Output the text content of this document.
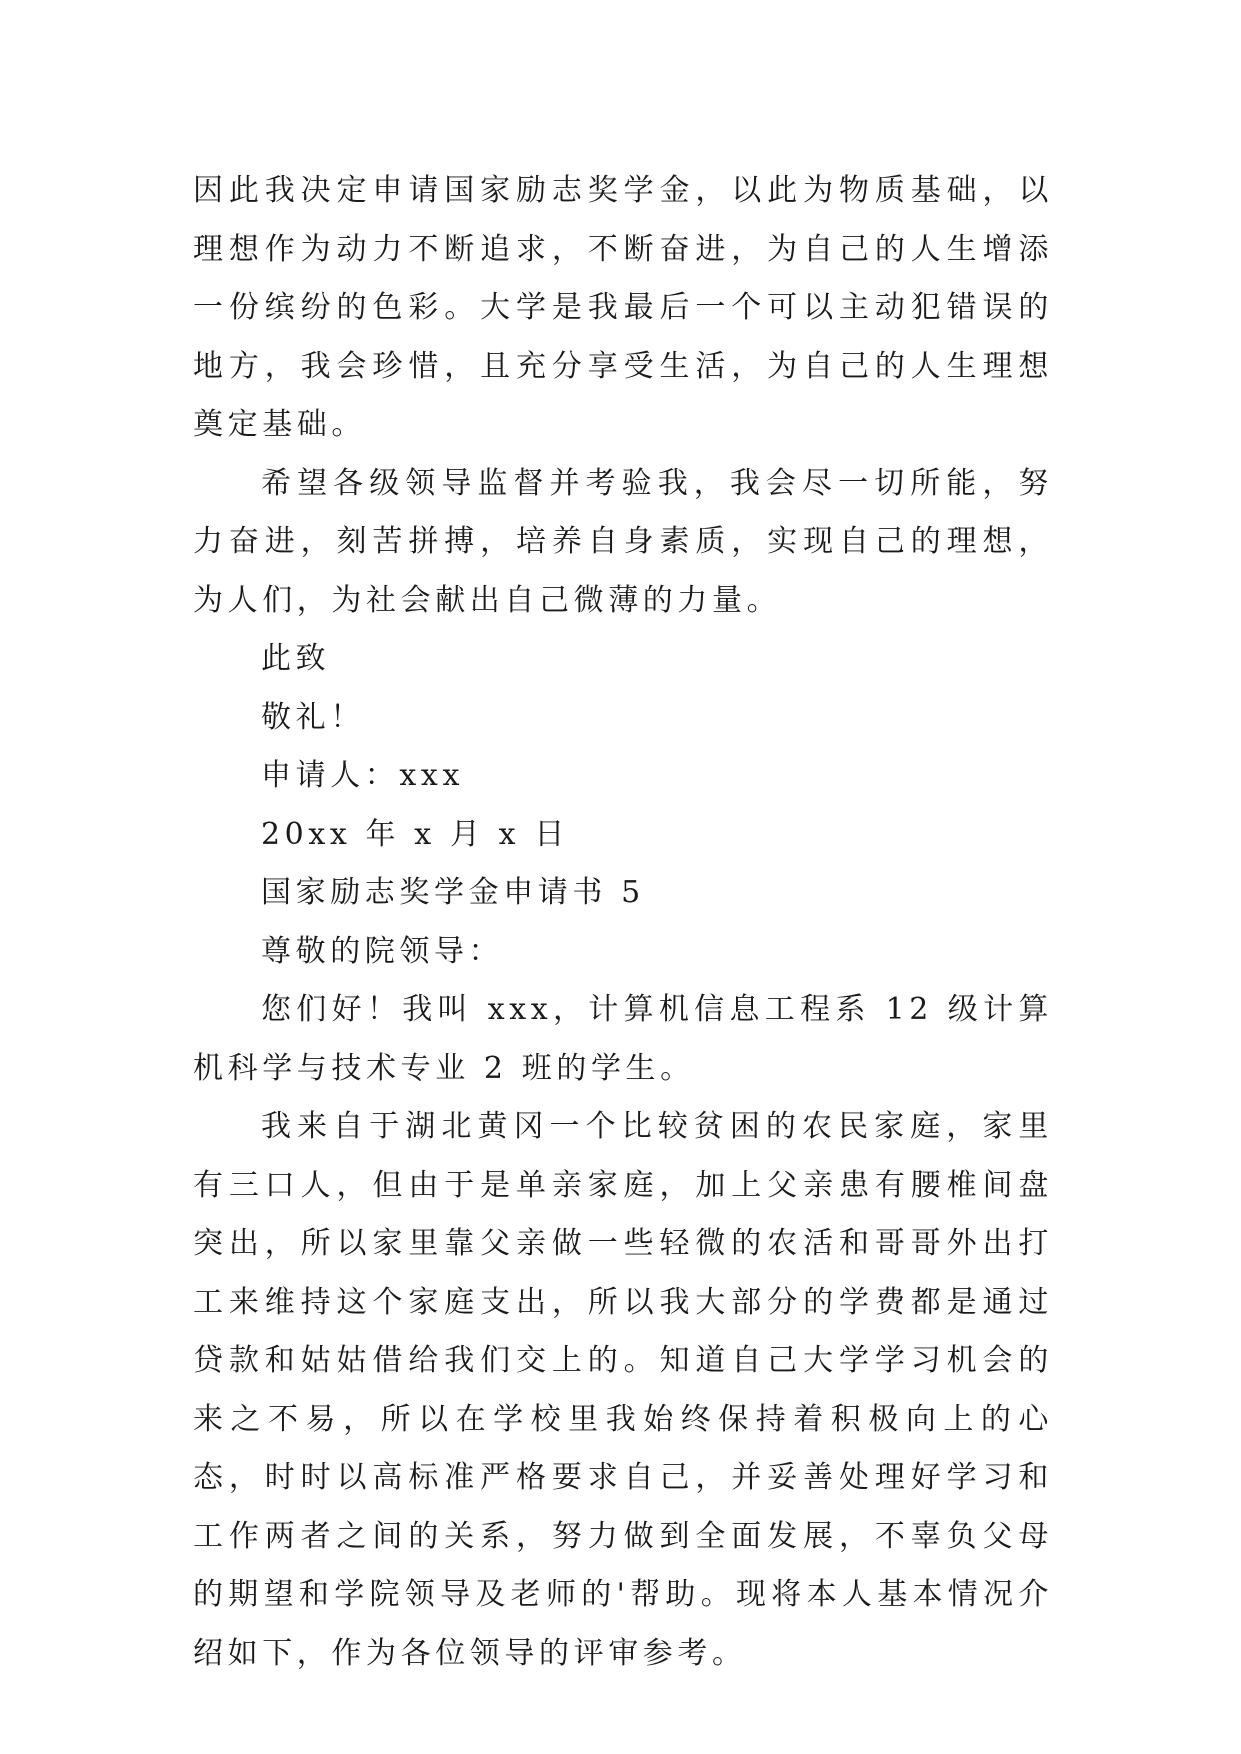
因此我决定申请国家励志奖学金，以此为物质基础，以理想作为动力不断追求，不断奋进，为自己的人生增添一份缤纷的色彩。大学是我最后一个可以主动犯错误的地方，我会珍惜，且充分享受生活，为自己的人生理想奠定基础。

希望各级领导监督并考验我，我会尽一切所能，努力奋进，刻苦拼搏，培养自身素质，实现自己的理想，为人们，为社会献出自己微薄的力量。

此致

敬礼！

申请人：xxx

20xx 年 x 月 x 日

国家励志奖学金申请书 5

尊敬的院领导：

您们好！我叫 xxx，计算机信息工程系 12 级计算机科学与技术专业 2 班的学生。

我来自于湖北黄冈一个比较贫困的农民家庭，家里有三口人，但由于是单亲家庭，加上父亲患有腰椎间盘突出，所以家里靠父亲做一些轻微的农活和哥哥外出打工来维持这个家庭支出，所以我大部分的学费都是通过贷款和姑姑借给我们交上的。知道自己大学学习机会的来之不易，所以在学校里我始终保持着积极向上的心态，时时以高标准严格要求自己，并妥善处理好学习和工作两者之间的关系，努力做到全面发展，不辜负父母的期望和学院领导及老师的'帮助。现将本人基本情况介绍如下，作为各位领导的评审参考。
